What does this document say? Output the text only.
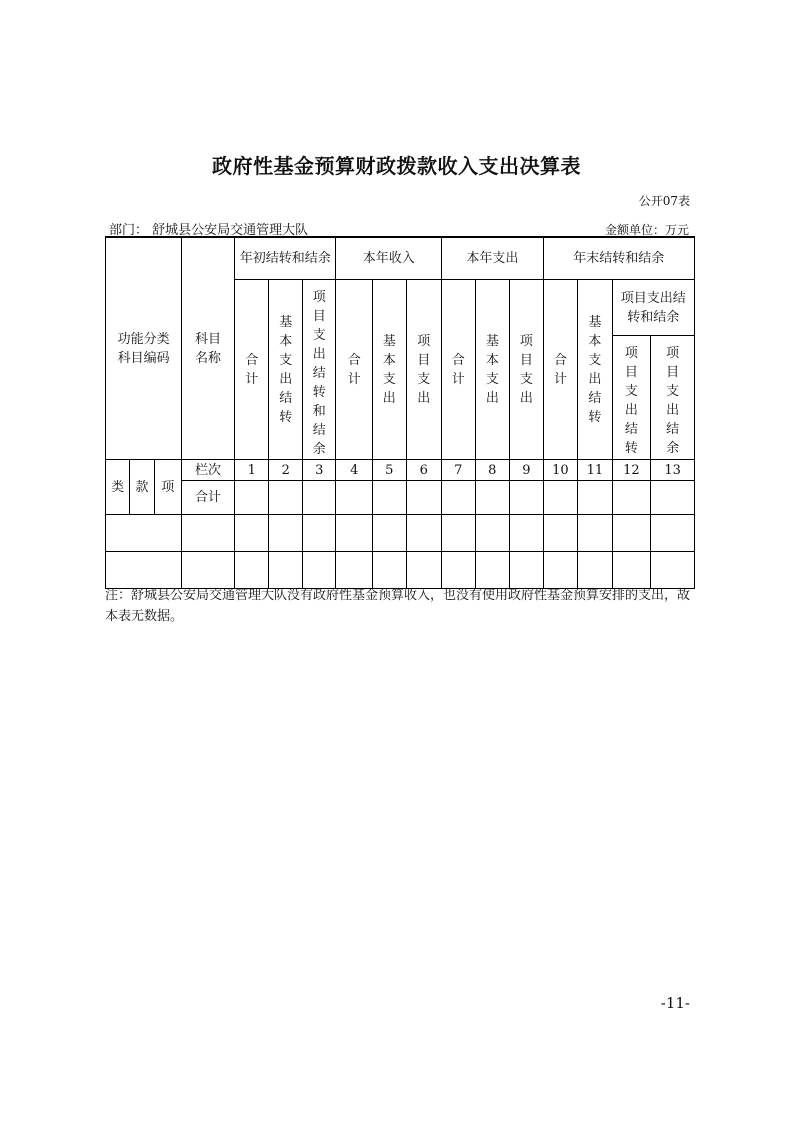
政府性基金预算财政拨款收入支出决算表
公开07表
部门： 舒城县公安局交通管理大队	金额单位：万元
功能分类科目编码			科目名称	年初结转和结余			本年收入			本年支出			年末结转和结余			
				合计	基本支出结转	项目支出结转和结余	合计	基本支出	项目支出	合计	基本支出	项目支出	合计	基本支出结转	项目支出结转和结余	
															项目支出结转	项目支出结余
类	款	项	栏次	1	2	3	4	5	6	7	8	9	10	11	12	13
			合计													

注：舒城县公安局交通管理大队没有政府性基金预算收入，也没有使用政府性基金预算安排的支出，故本表无数据。
-11-
